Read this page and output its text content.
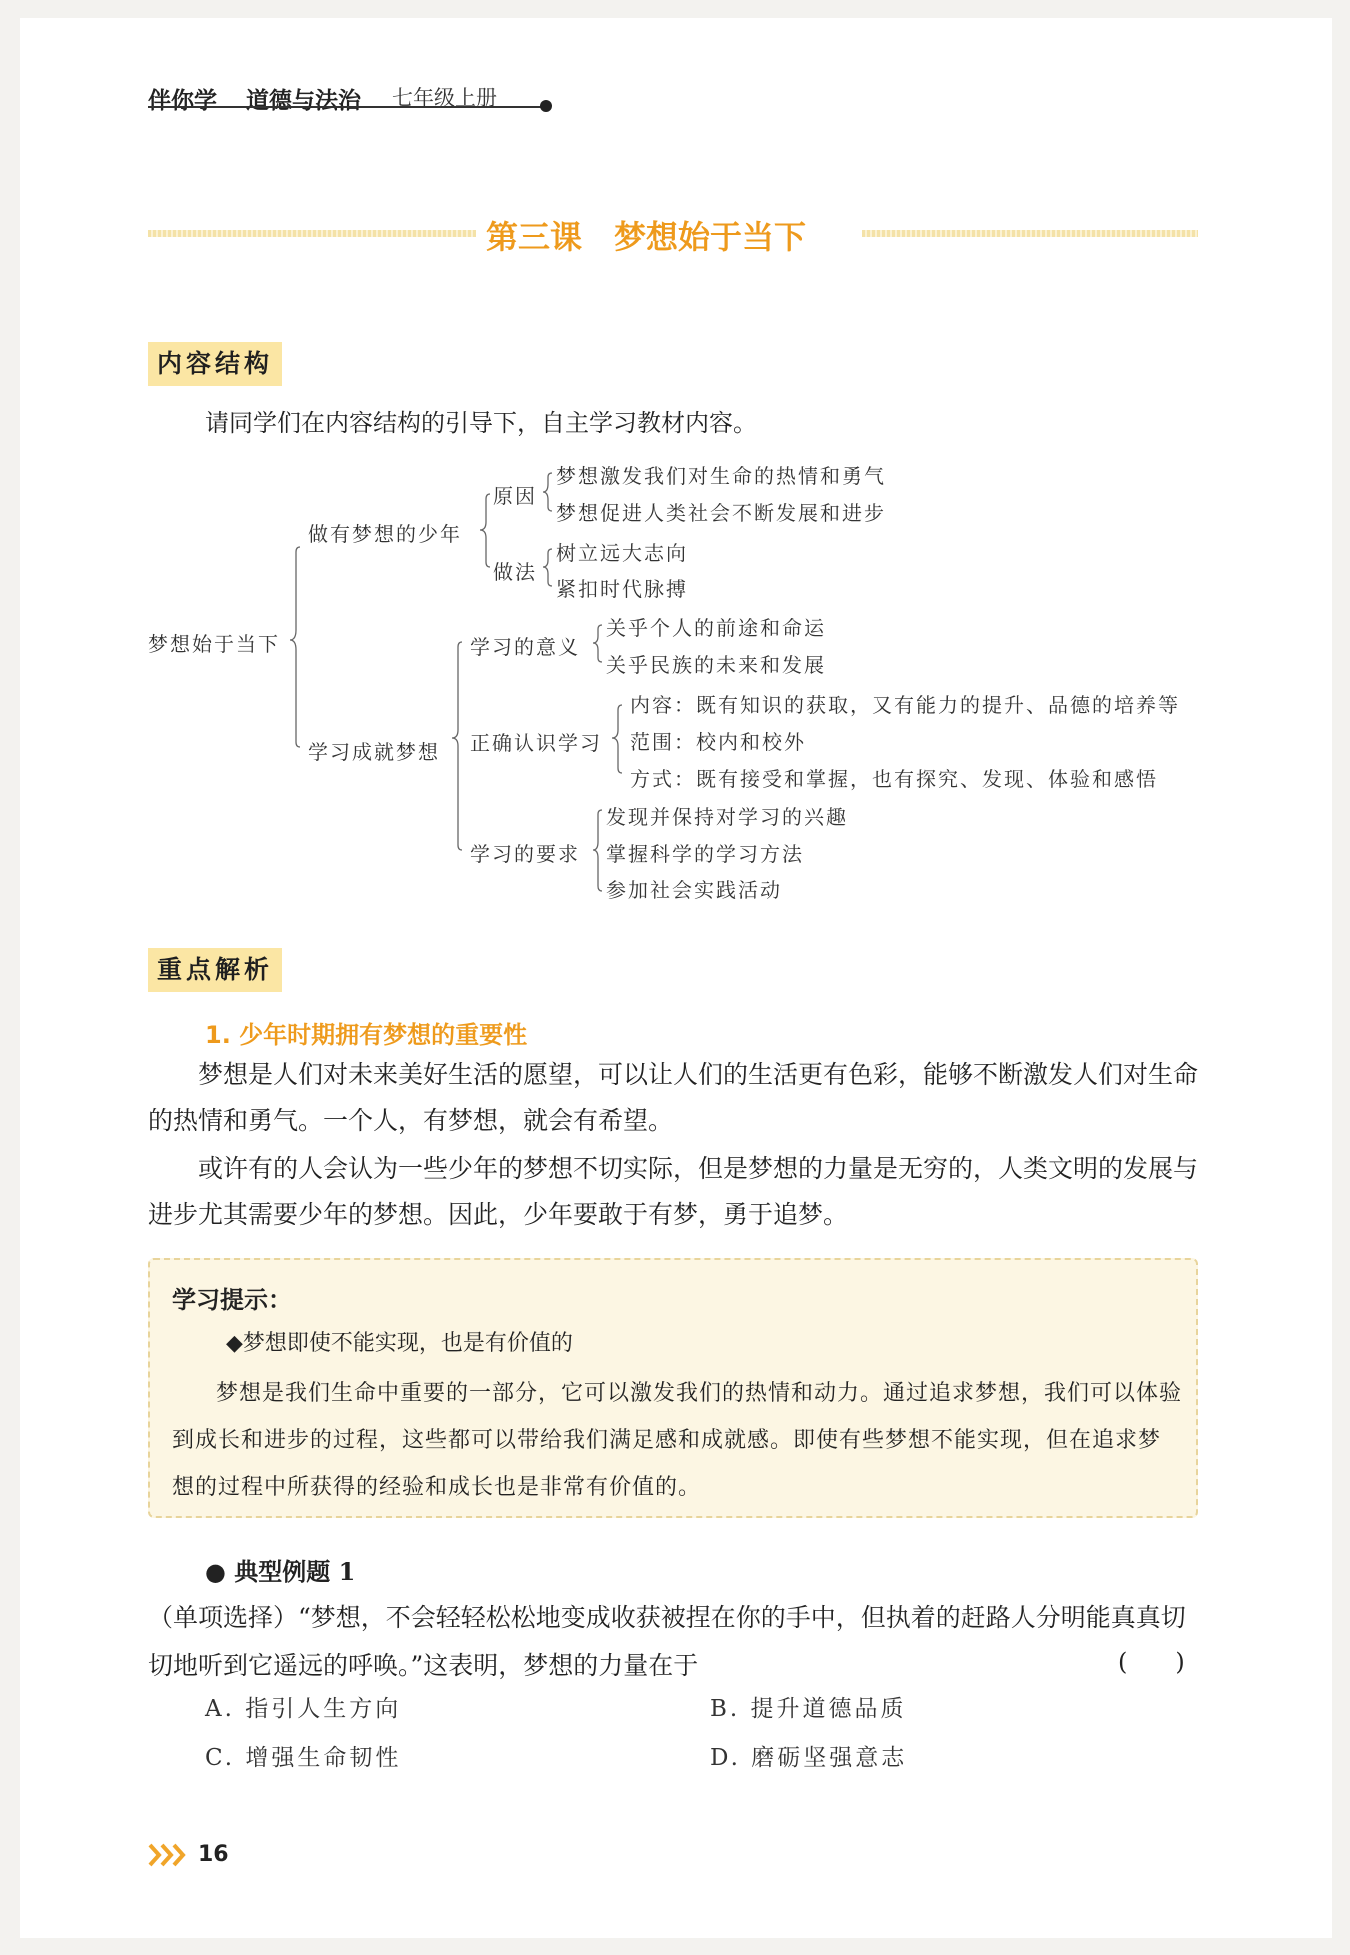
伴你学 道德与法治 七年级上册
第三课　梦想始于当下
内容结构
请同学们在内容结构的引导下，自主学习教材内容。
梦想始于当下
做有梦想的少年
原因
梦想激发我们对生命的热情和勇气
梦想促进人类社会不断发展和进步
做法
树立远大志向
紧扣时代脉搏
学习成就梦想
学习的意义
关乎个人的前途和命运
关乎民族的未来和发展
正确认识学习
内容：既有知识的获取，又有能力的提升、品德的培养等
范围：校内和校外
方式：既有接受和掌握，也有探究、发现、体验和感悟
学习的要求
发现并保持对学习的兴趣
掌握科学的学习方法
参加社会实践活动
重点解析
1. 少年时期拥有梦想的重要性

梦想是人们对未来美好生活的愿望，可以让人们的生活更有色彩，能够不断激发人们对生命的热情和勇气。一个人，有梦想，就会有希望。

或许有的人会认为一些少年的梦想不切实际，但是梦想的力量是无穷的，人类文明的发展与进步尤其需要少年的梦想。因此，少年要敢于有梦，勇于追梦。

学习提示：
◆梦想即使不能实现，也是有价值的

梦想是我们生命中重要的一部分，它可以激发我们的热情和动力。通过追求梦想，我们可以体验到成长和进步的过程，这些都可以带给我们满足感和成就感。即使有些梦想不能实现，但在追求梦想的过程中所获得的经验和成长也是非常有价值的。

● 典型例题 1

（单项选择）“梦想，不会轻轻松松地变成收获被捏在你的手中，但执着的赶路人分明能真真切切地听到它遥远的呼唤。”这表明，梦想的力量在于	(　　)
A. 指引人生方向	B. 提升道德品质
C. 增强生命韧性	D. 磨砺坚强意志
16
